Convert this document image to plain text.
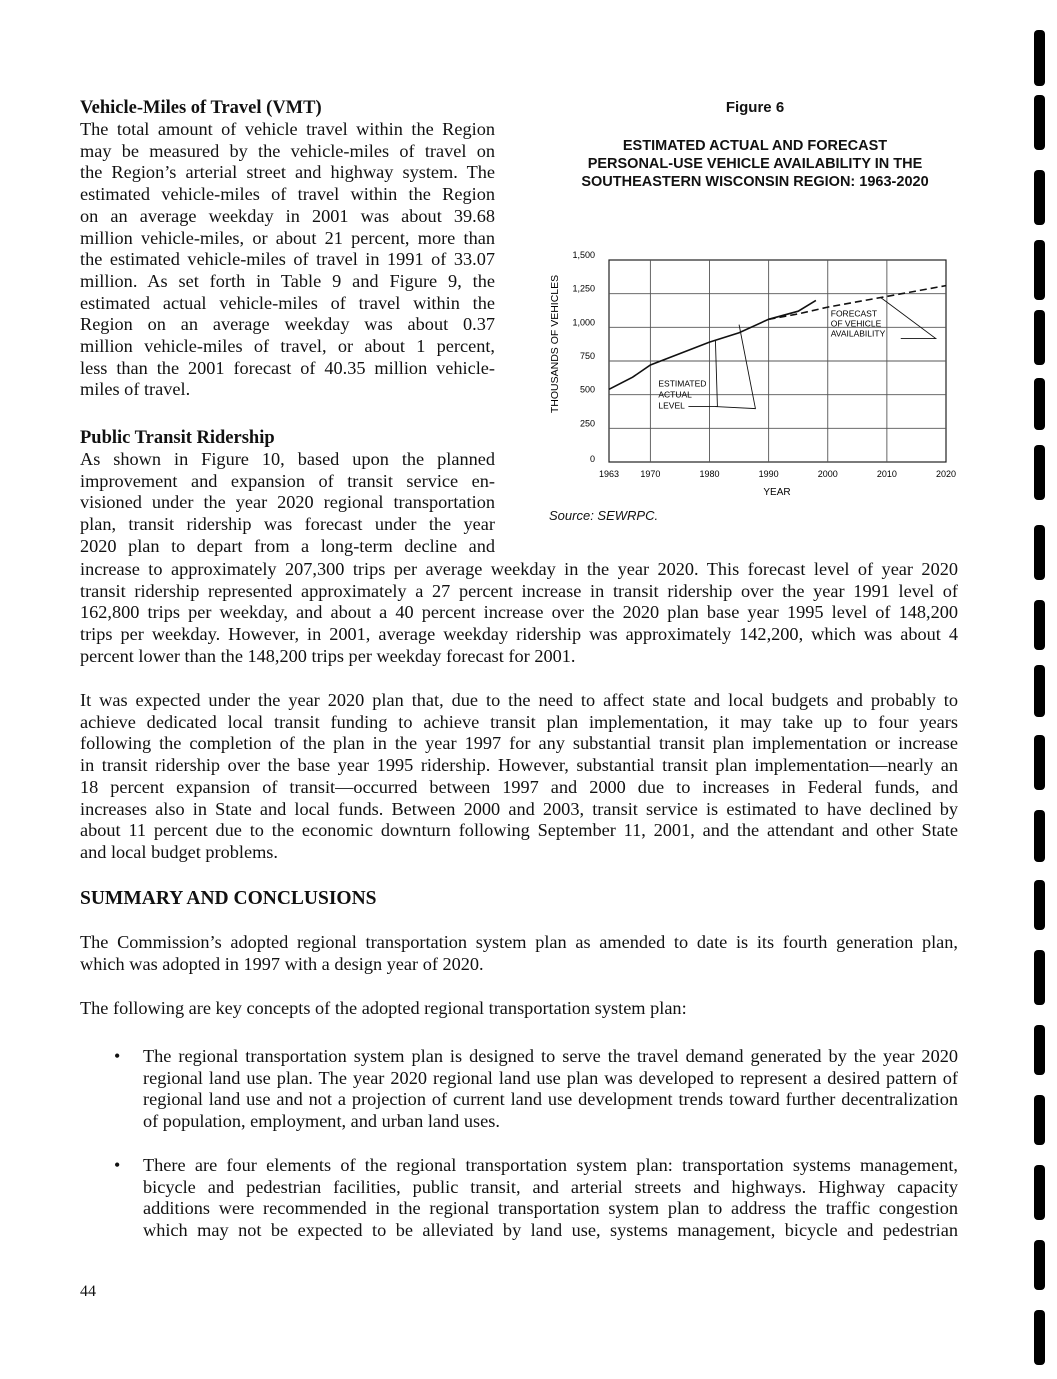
Vehicle-Miles of Travel (VMT)
The total amount of vehicle travel within the Region
may be measured by the vehicle-miles of travel on
the Region’s arterial street and highway system. The
estimated vehicle-miles of travel within the Region
on an average weekday in 2001 was about 39.68
million vehicle-miles, or about 21 percent, more than
the estimated vehicle-miles of travel in 1991 of 33.07
million. As set forth in Table 9 and Figure 9, the
estimated actual vehicle-miles of travel within the
Region on an average weekday was about 0.37
million vehicle-miles of travel, or about 1 percent,
less than the 2001 forecast of 40.35 million vehicle-
miles of travel.
Public Transit Ridership
As shown in Figure 10, based upon the planned
improvement and expansion of transit service en-
visioned under the year 2020 regional transportation
plan, transit ridership was forecast under the year
2020 plan to depart from a long-term decline and
increase to approximately 207,300 trips per average weekday in the year 2020. This forecast level of year 2020
transit ridership represented approximately a 27 percent increase in transit ridership over the year 1991 level of
162,800 trips per weekday, and about a 40 percent increase over the 2020 plan base year 1995 level of 148,200
trips per weekday. However, in 2001, average weekday ridership was approximately 142,200, which was about 4
percent lower than the 148,200 trips per weekday forecast for 2001.
It was expected under the year 2020 plan that, due to the need to affect state and local budgets and probably to
achieve dedicated local transit funding to achieve transit plan implementation, it may take up to four years
following the completion of the plan in the year 1997 for any substantial transit plan implementation or increase
in transit ridership over the base year 1995 ridership. However, substantial transit plan implementation—nearly an
18 percent expansion of transit—occurred between 1997 and 2000 due to increases in Federal funds, and
increases also in State and local funds. Between 2000 and 2003, transit service is estimated to have declined by
about 11 percent due to the economic downturn following September 11, 2001, and the attendant and other State
and local budget problems.
SUMMARY AND CONCLUSIONS
The Commission’s adopted regional transportation system plan as amended to date is its fourth generation plan,
which was adopted in 1997 with a design year of 2020.
The following are key concepts of the adopted regional transportation system plan:
• The regional transportation system plan is designed to serve the travel demand generated by the year 2020
regional land use plan. The year 2020 regional land use plan was developed to represent a desired pattern of
regional land use and not a projection of current land use development trends toward further decentralization
of population, employment, and urban land uses.
• There are four elements of the regional transportation system plan: transportation systems management,
bicycle and pedestrian facilities, public transit, and arterial streets and highways. Highway capacity
additions were recommended in the regional transportation system plan to address the traffic congestion
which may not be expected to be alleviated by land use, systems management, bicycle and pedestrian
44
Figure 6
ESTIMATED ACTUAL AND FORECAST
PERSONAL-USE VEHICLE AVAILABILITY IN THE
SOUTHEASTERN WISCONSIN REGION: 1963-2020
THOUSANDS OF VEHICLES
1,500
1,250
1,000
750
500
250
0
1963 1970	1980	1990	2000	2010	2020
ESTIMATED
ACTUAL
LEVEL
FORECAST
OF VEHICLE
AVAILABILITY
YEAR
Source: SEWRPC.
